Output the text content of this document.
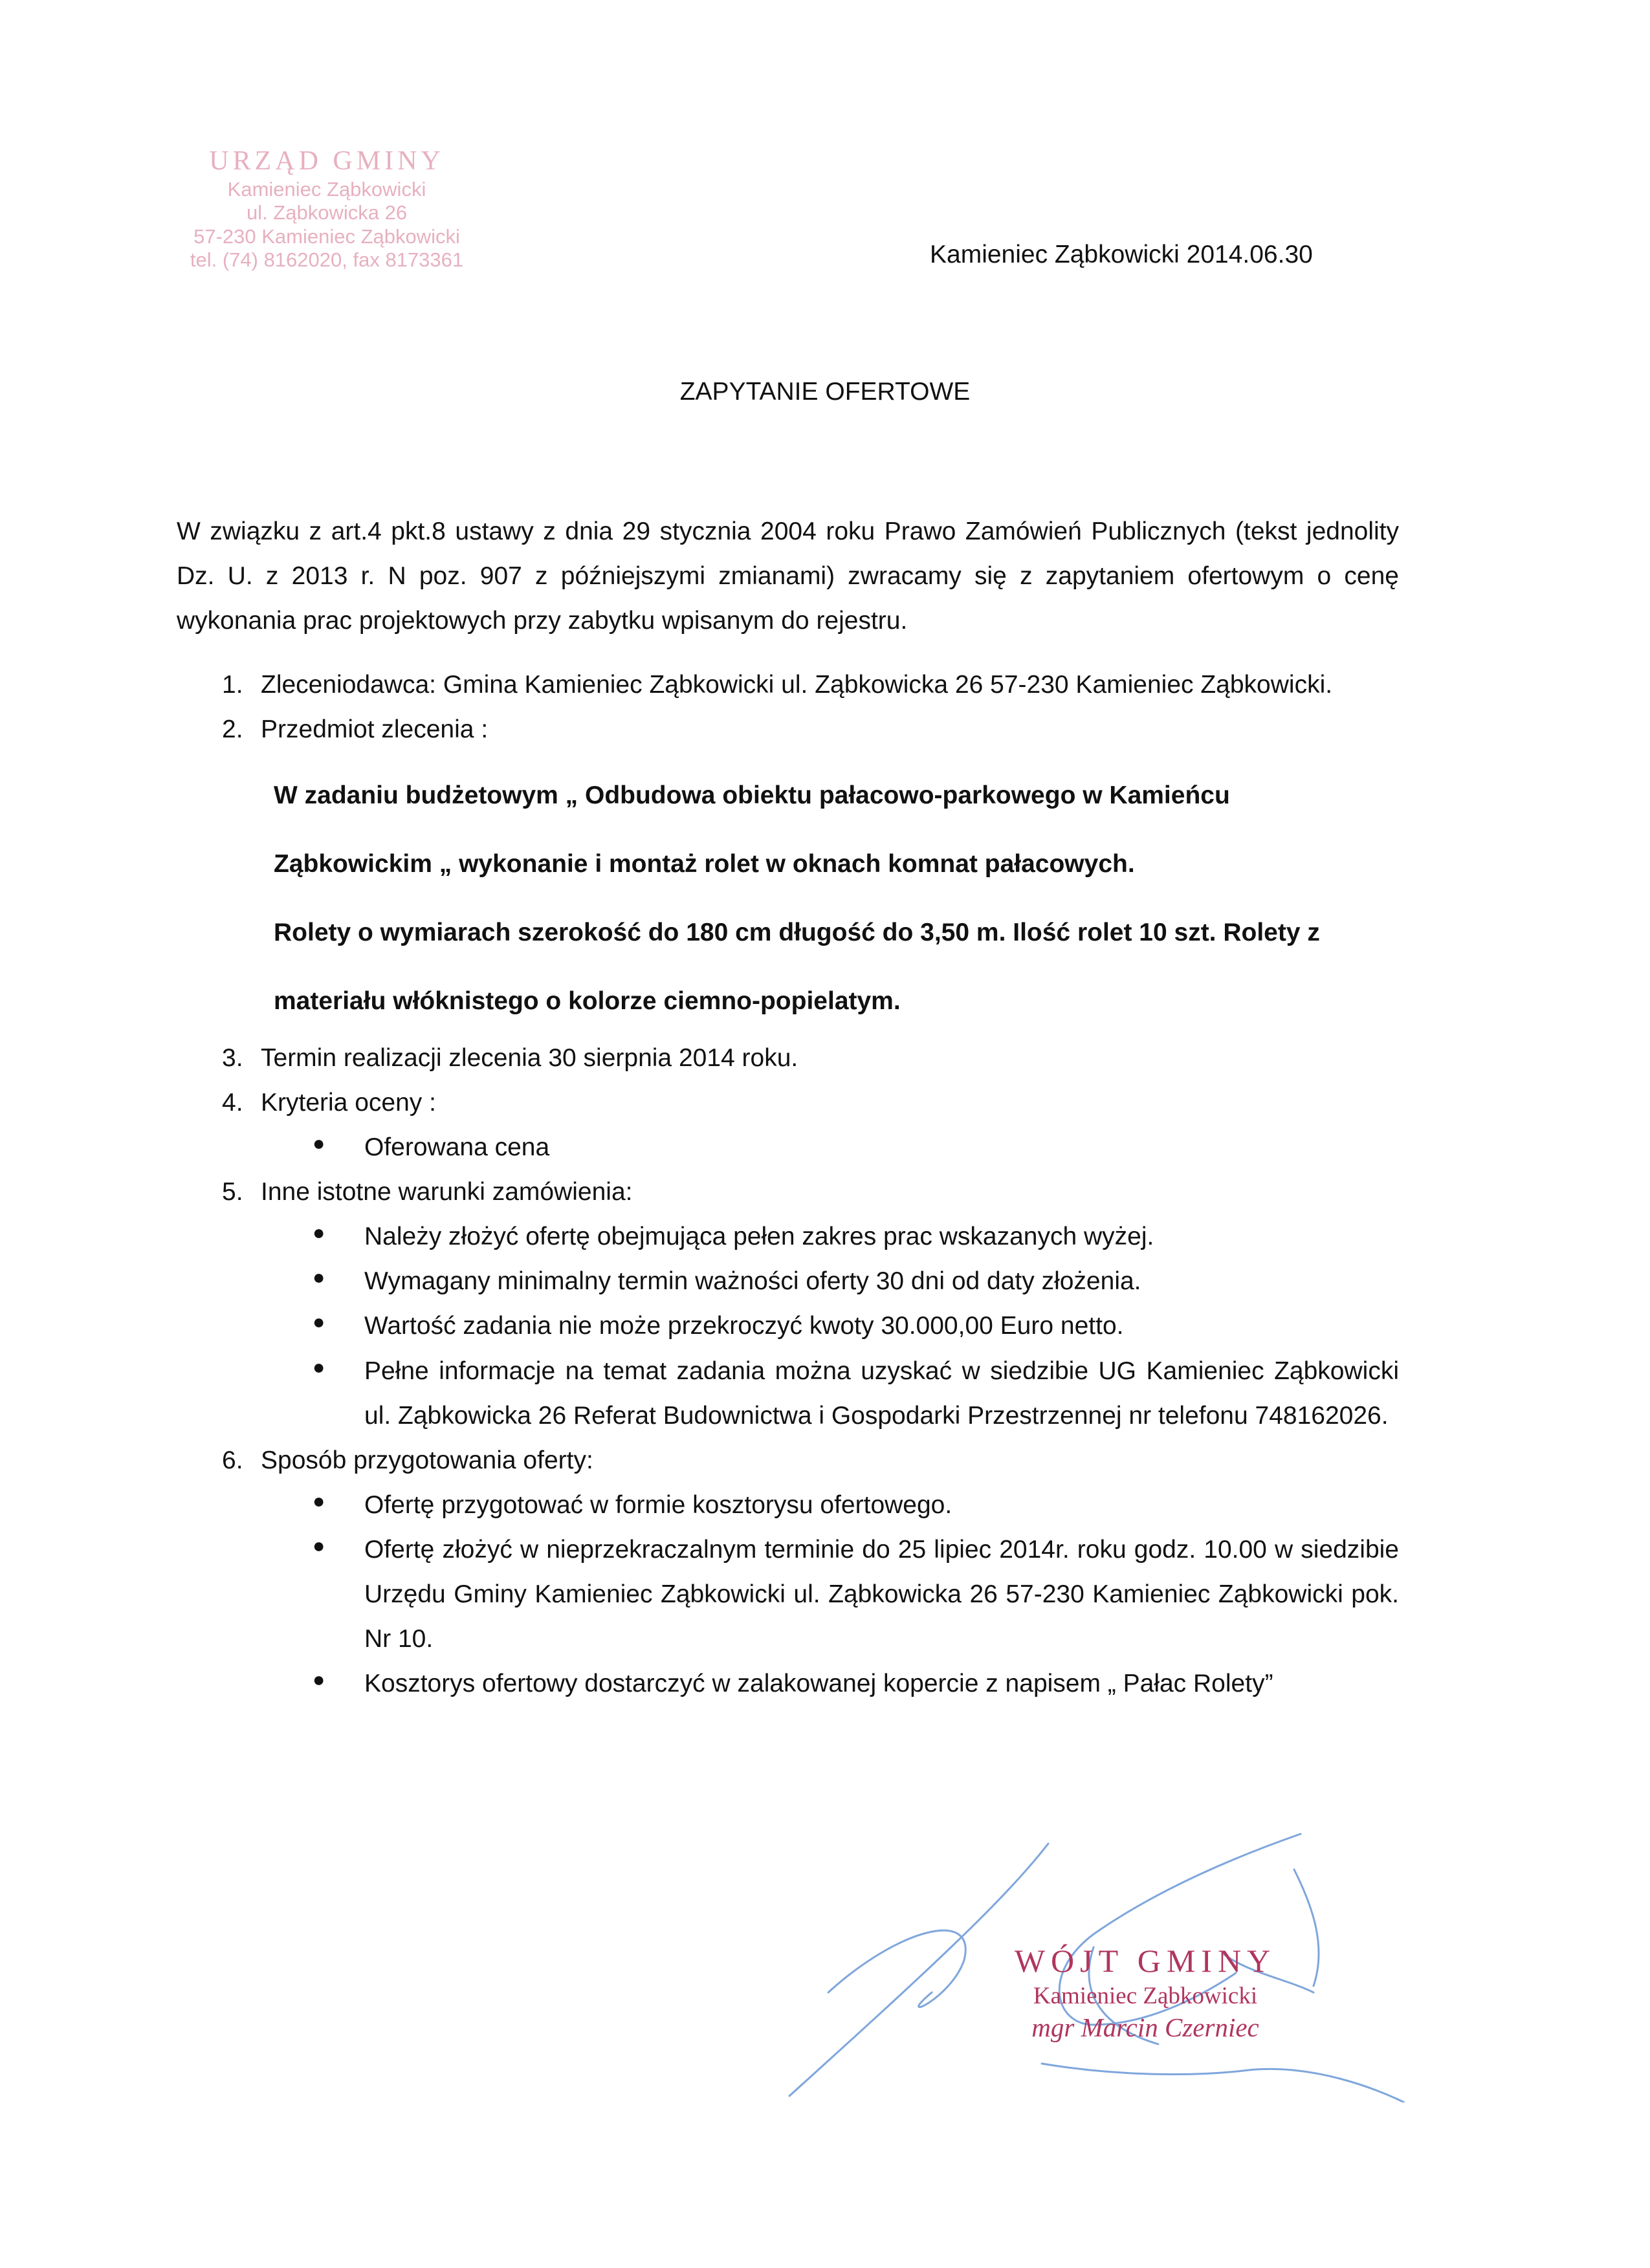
URZĄD GMINY
Kamieniec Ząbkowicki
ul. Ząbkowicka 26
57-230 Kamieniec Ząbkowicki
tel. (74) 8162020, fax 8173361	Kamieniec Ząbkowicki 2014.06.30
ZAPYTANIE OFERTOWE

W związku z art.4 pkt.8 ustawy z dnia 29 stycznia 2004 roku Prawo Zamówień Publicznych (tekst jednolity Dz. U. z 2013 r. N poz. 907 z późniejszymi zmianami) zwracamy się z zapytaniem ofertowym o cenę wykonania prac projektowych przy zabytku wpisanym do rejestru.

1. Zleceniodawca: Gmina Kamieniec Ząbkowicki ul. Ząbkowicka 26 57-230 Kamieniec Ząbkowicki.
2. Przedmiot zlecenia :
W zadaniu budżetowym „ Odbudowa obiektu pałacowo-parkowego w Kamieńcu
Ząbkowickim „ wykonanie i montaż rolet w oknach komnat pałacowych.
Rolety o wymiarach szerokość do 180 cm długość do 3,50 m. Ilość rolet 10 szt. Rolety z
materiału włóknistego o kolorze ciemno-popielatym.
3. Termin realizacji zlecenia 30 sierpnia 2014 roku.
4. Kryteria oceny :
●	Oferowana cena
5. Inne istotne warunki zamówienia:
●	Należy złożyć ofertę obejmująca pełen zakres prac wskazanych wyżej.
●	Wymagany minimalny termin ważności oferty 30 dni od daty złożenia.
●	Wartość zadania nie może przekroczyć kwoty 30.000,00 Euro netto.
●	Pełne informacje na temat zadania można uzyskać w siedzibie UG Kamieniec Ząbkowicki ul. Ząbkowicka 26 Referat Budownictwa i Gospodarki Przestrzennej nr telefonu 748162026.
6. Sposób przygotowania oferty:
●	Ofertę przygotować w formie kosztorysu ofertowego.
●	Ofertę złożyć w nieprzekraczalnym terminie do 25 lipiec 2014r. roku godz. 10.00 w siedzibie Urzędu Gminy Kamieniec Ząbkowicki ul. Ząbkowicka 26 57-230 Kamieniec Ząbkowicki pok. Nr 10.
●	Kosztorys ofertowy dostarczyć w zalakowanej kopercie z napisem „ Pałac Rolety”
WÓJT GMINY
Kamieniec Ząbkowicki
mgr Marcin Czerniec
